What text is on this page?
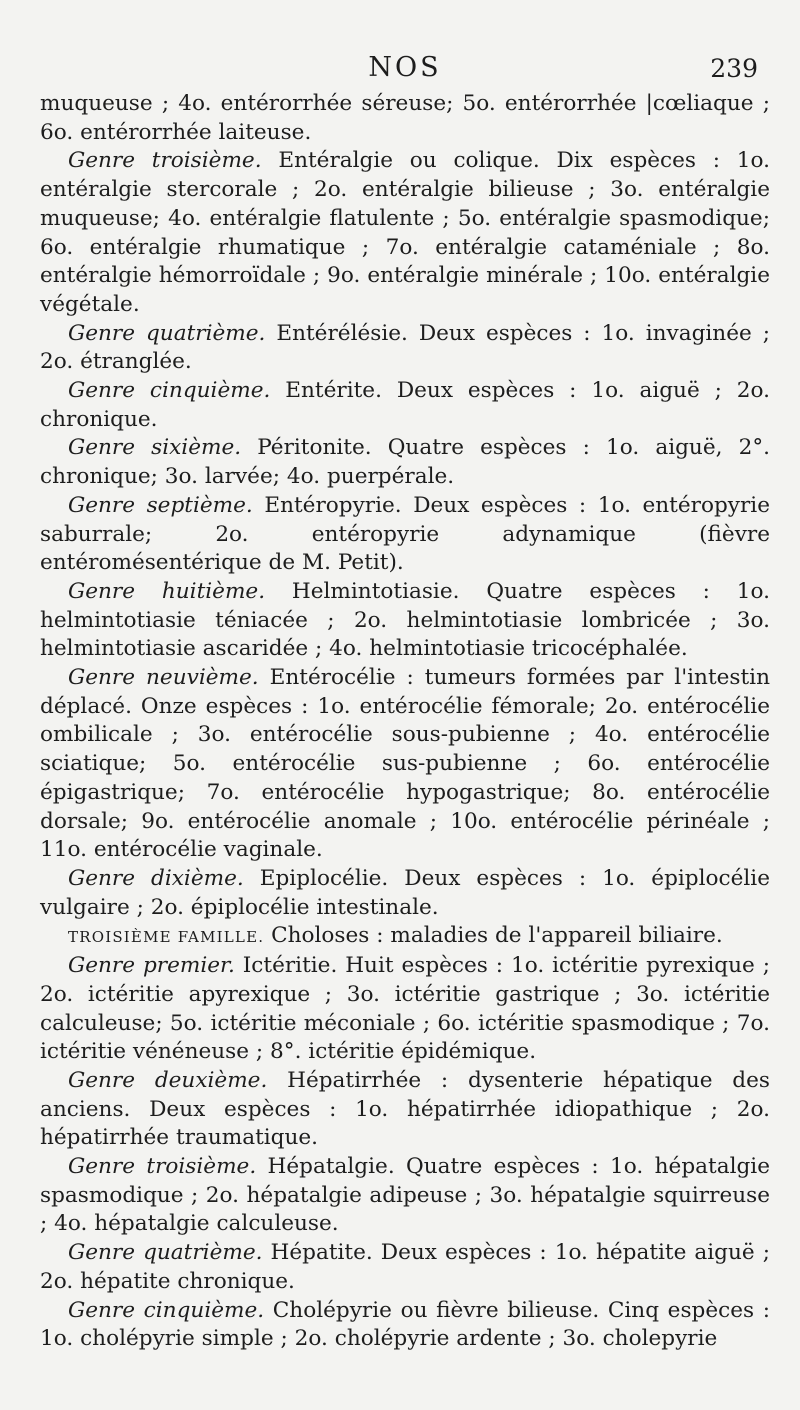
NOS	239

muqueuse ; 4o. entérorrhée séreuse; 5o. entérorrhée |cœliaque ; 6o. entérorrhée laiteuse.

Genre troisième. Entéralgie ou colique. Dix espèces : 1o. entéralgie stercorale ; 2o. entéralgie bilieuse ; 3o. entéralgie muqueuse; 4o. entéralgie flatulente ; 5o. entéralgie spasmodique; 6o. entéralgie rhumatique ; 7o. entéralgie cataméniale ; 8o. entéralgie hémorroïdale ; 9o. entéralgie minérale ; 10o. entéralgie végétale.

Genre quatrième. Entérélésie. Deux espèces : 1o. invaginée ; 2o. étranglée.

Genre cinquième. Entérite. Deux espèces : 1o. aiguë ; 2o. chronique.

Genre sixième. Péritonite. Quatre espèces : 1o. aiguë, 2°. chronique; 3o. larvée; 4o. puerpérale.

Genre septième. Entéropyrie. Deux espèces : 1o. entéropyrie saburrale; 2o. entéropyrie adynamique (fièvre entéromésentérique de M. Petit).

Genre huitième. Helmintotiasie. Quatre espèces : 1o. helmintotiasie téniacée ; 2o. helmintotiasie lombricée ; 3o. helmintotiasie ascaridée ; 4o. helmintotiasie tricocéphalée.

Genre neuvième. Entérocélie : tumeurs formées par l'intestin déplacé. Onze espèces : 1o. entérocélie fémorale; 2o. entérocélie ombilicale ; 3o. entérocélie sous-pubienne ; 4o. entérocélie sciatique; 5o. entérocélie sus-pubienne ; 6o. entérocélie épigastrique; 7o. entérocélie hypogastrique; 8o. entérocélie dorsale; 9o. entérocélie anomale ; 10o. entérocélie périnéale ; 11o. entérocélie vaginale.

Genre dixième. Epiplocélie. Deux espèces : 1o. épiplocélie vulgaire ; 2o. épiplocélie intestinale.

TROISIÈME FAMILLE. Choloses : maladies de l'appareil biliaire.

Genre premier. Ictéritie. Huit espèces : 1o. ictéritie pyrexique ; 2o. ictéritie apyrexique ; 3o. ictéritie gastrique ; 3o. ictéritie calculeuse; 5o. ictéritie méconiale ; 6o. ictéritie spasmodique ; 7o. ictéritie vénéneuse ; 8°. ictéritie épidémique.

Genre deuxième. Hépatirrhée : dysenterie hépatique des anciens. Deux espèces : 1o. hépatirrhée idiopathique ; 2o. hépatirrhée traumatique.

Genre troisième. Hépatalgie. Quatre espèces : 1o. hépatalgie spasmodique ; 2o. hépatalgie adipeuse ; 3o. hépatalgie squirreuse ; 4o. hépatalgie calculeuse.

Genre quatrième. Hépatite. Deux espèces : 1o. hépatite aiguë ; 2o. hépatite chronique.

Genre cinquième. Cholépyrie ou fièvre bilieuse. Cinq espèces : 1o. cholépyrie simple ; 2o. cholépyrie ardente ; 3o. cholepyrie
